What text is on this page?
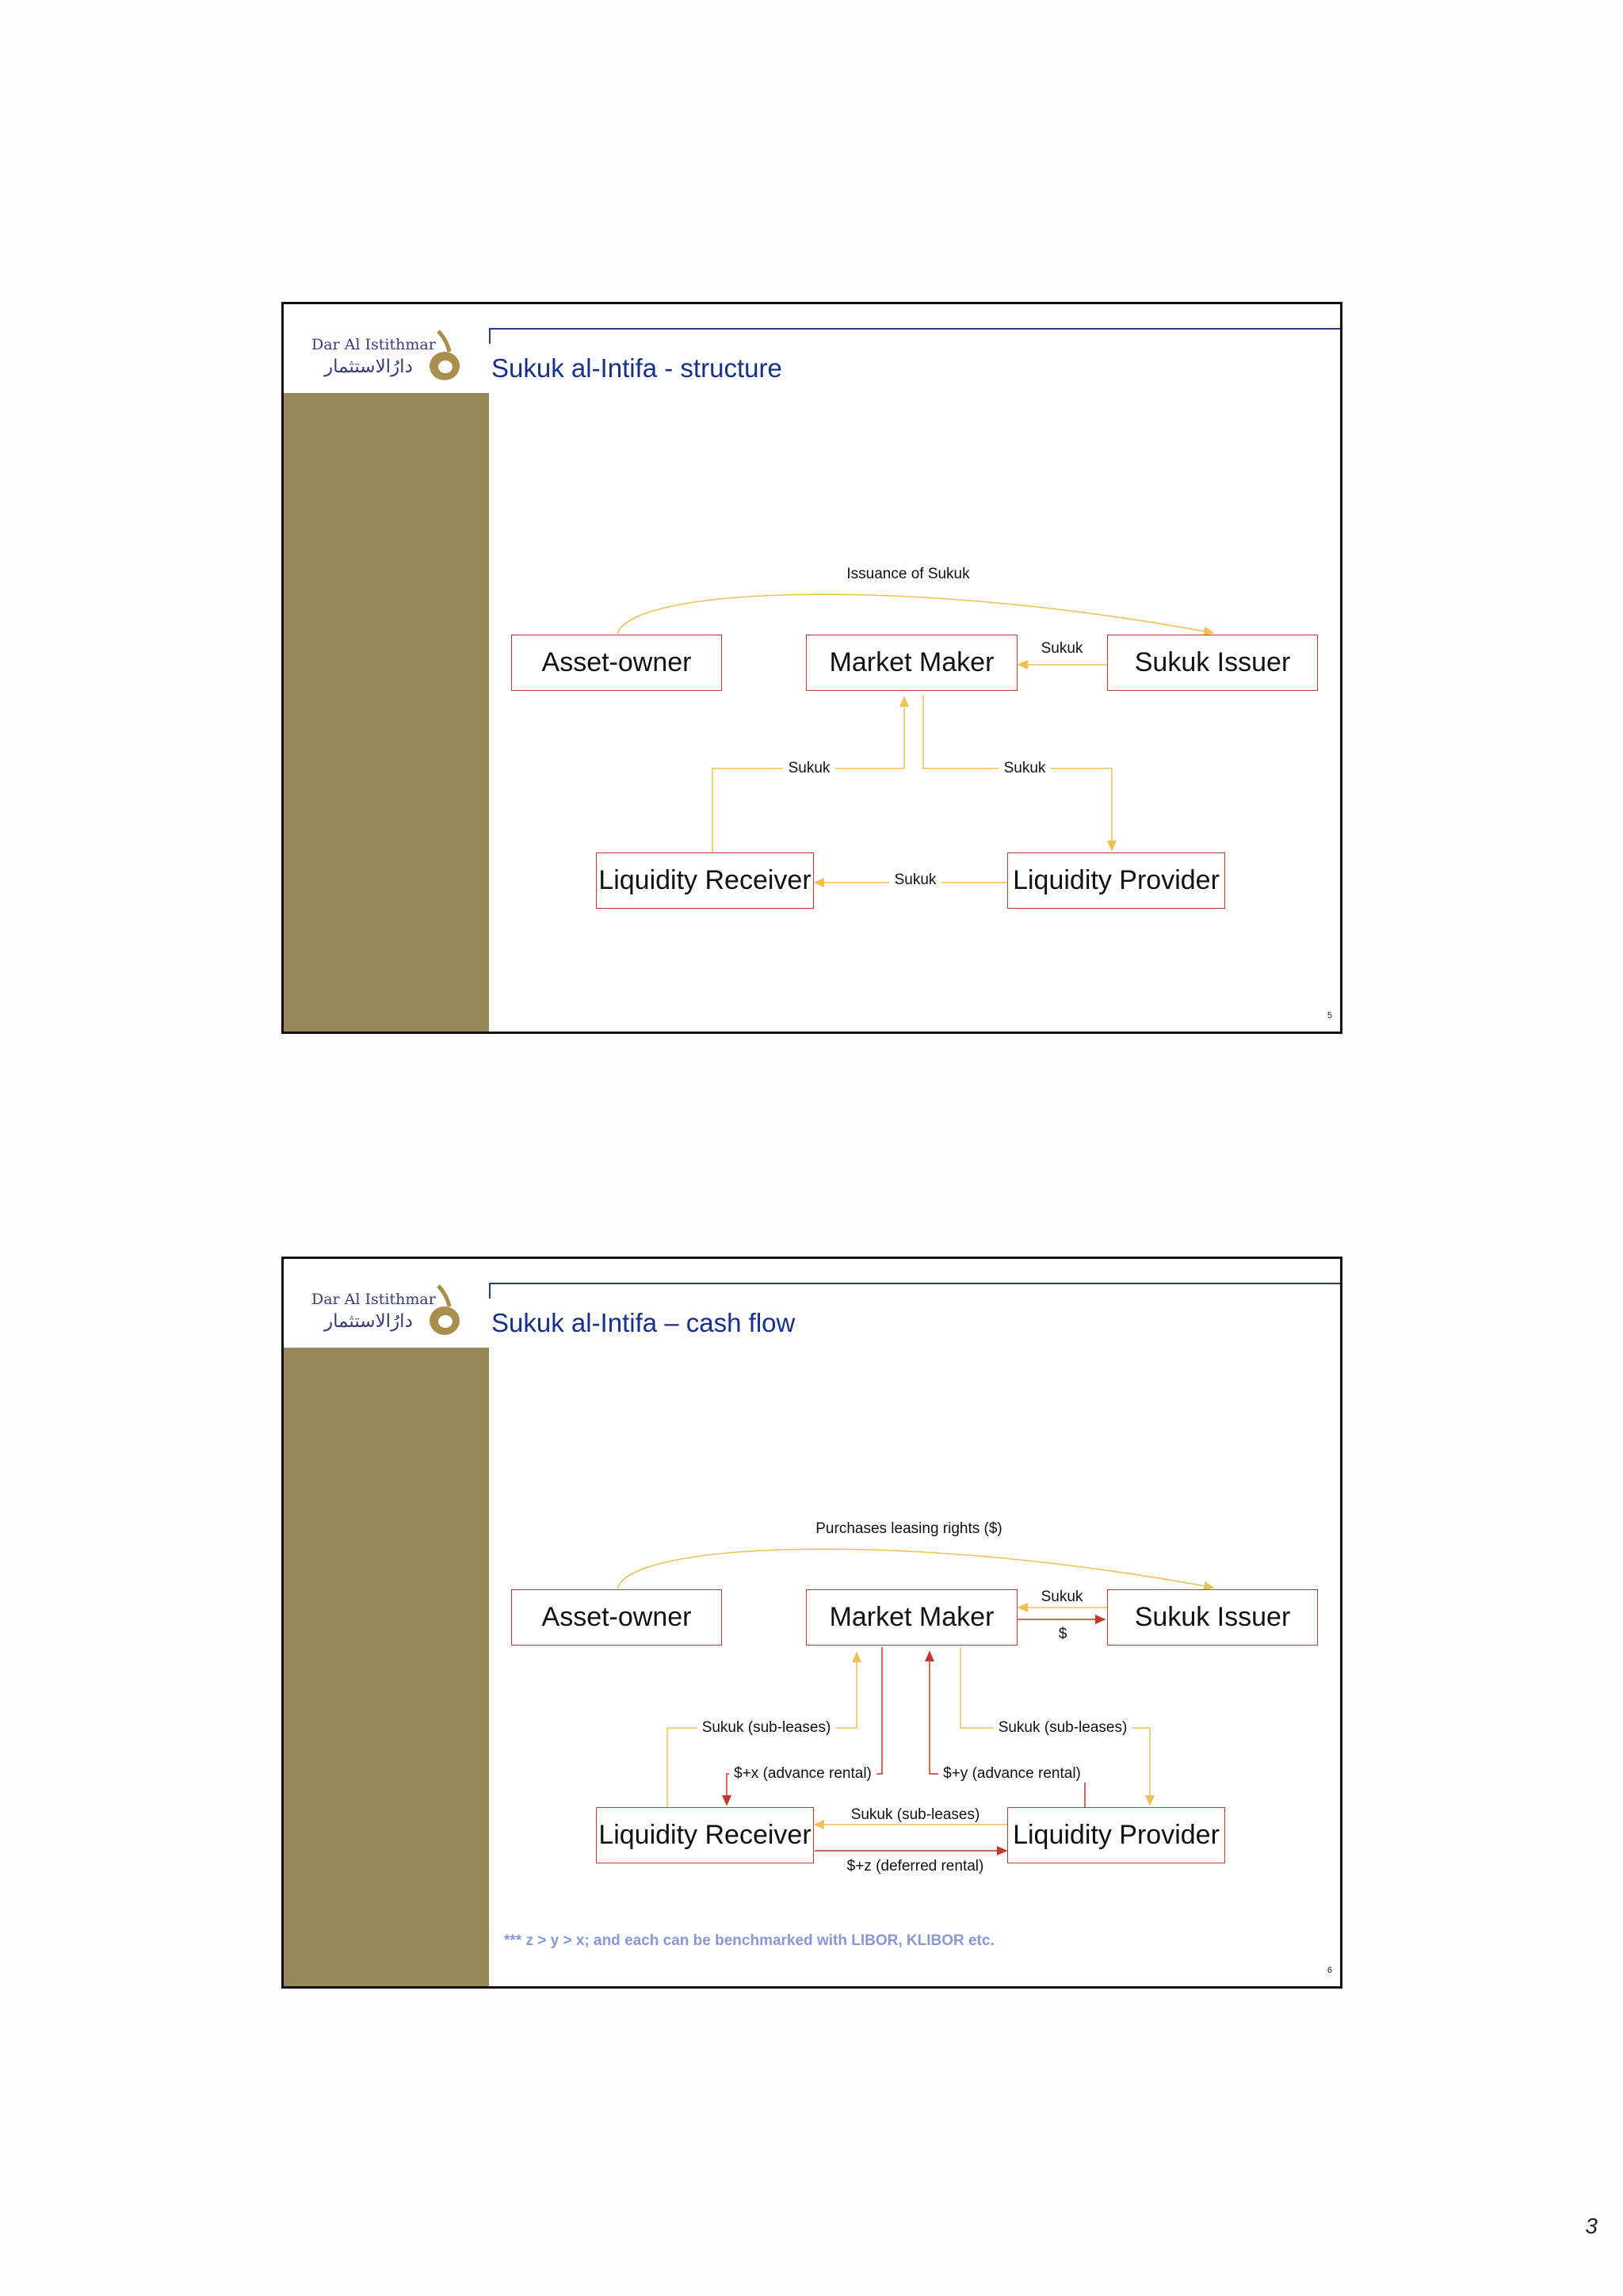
Dar Al Istithmar
دارُالاستثمار	Sukuk al-Intifa - structure
Asset-owner	Market Maker	Sukuk Issuer
Liquidity Receiver	Liquidity Provider
Issuance of Sukuk
Sukuk
Sukuk	Sukuk
Sukuk
5
Dar Al Istithmar
دارُالاستثمار	Sukuk al-Intifa – cash flow
Asset-owner	Market Maker	Sukuk Issuer
Liquidity Receiver	Liquidity Provider
Purchases leasing rights ($)
Sukuk
$
Sukuk (sub-leases)
$+x (advance rental)
Sukuk (sub-leases)
$+y (advance rental)
Sukuk (sub-leases)
$+z (deferred rental)
*** z > y > x; and each can be benchmarked with LIBOR, KLIBOR etc.
6
3
